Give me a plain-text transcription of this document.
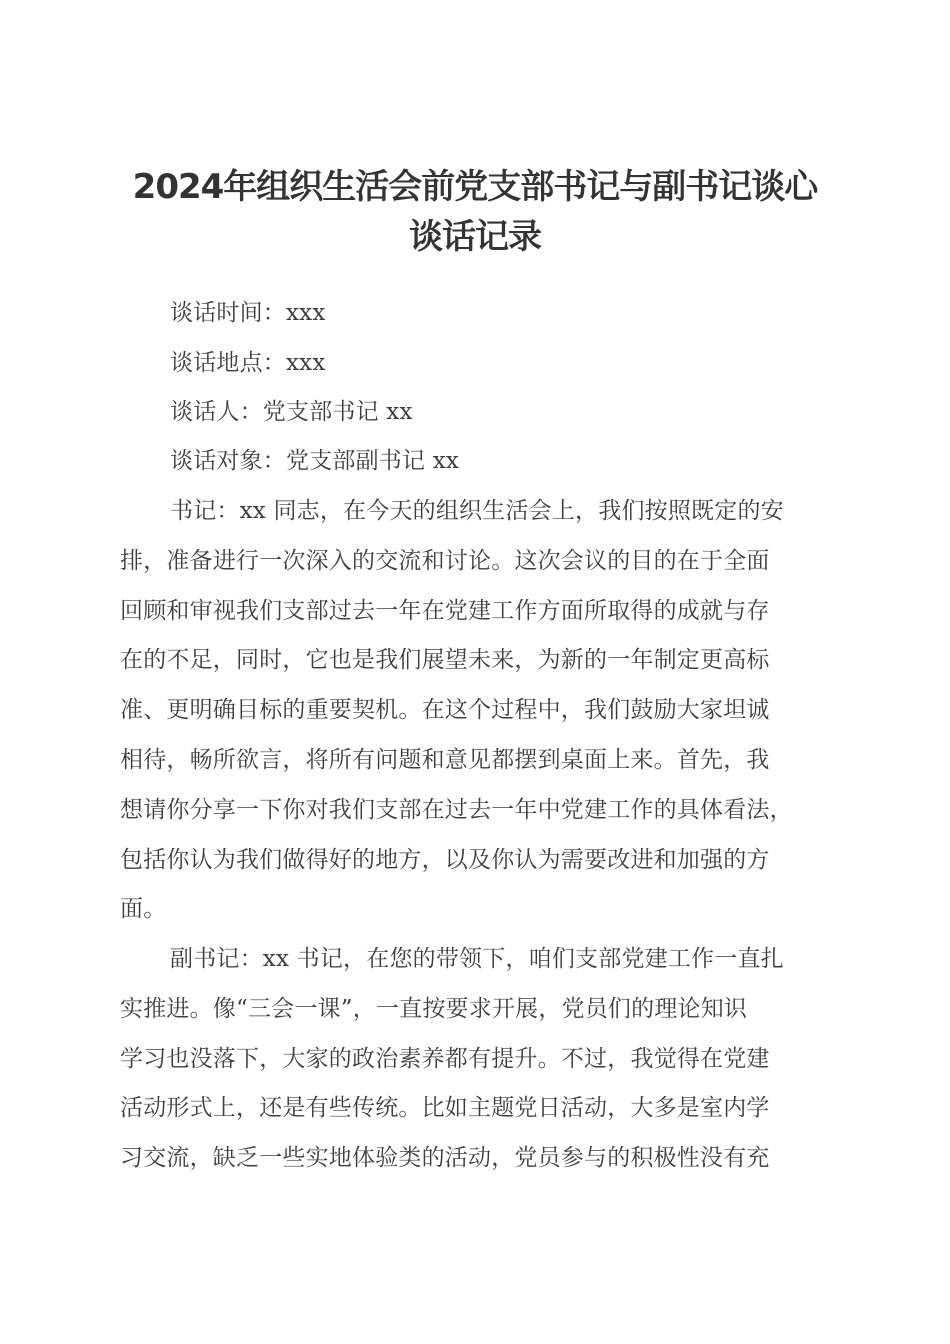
2024年组织生活会前党支部书记与副书记谈心
谈话记录
谈话时间：xxx
谈话地点：xxx
谈话人：党支部书记 xx
谈话对象：党支部副书记 xx
书记：xx 同志，在今天的组织生活会上，我们按照既定的安
排，准备进行一次深入的交流和讨论。这次会议的目的在于全面
回顾和审视我们支部过去一年在党建工作方面所取得的成就与存
在的不足，同时，它也是我们展望未来，为新的一年制定更高标
准、更明确目标的重要契机。在这个过程中，我们鼓励大家坦诚
相待，畅所欲言，将所有问题和意见都摆到桌面上来。首先，我
想请你分享一下你对我们支部在过去一年中党建工作的具体看法，
包括你认为我们做得好的地方，以及你认为需要改进和加强的方
面。
副书记：xx 书记，在您的带领下，咱们支部党建工作一直扎
实推进。像“三会一课”，一直按要求开展，党员们的理论知识
学习也没落下，大家的政治素养都有提升。不过，我觉得在党建
活动形式上，还是有些传统。比如主题党日活动，大多是室内学
习交流，缺乏一些实地体验类的活动，党员参与的积极性没有充
